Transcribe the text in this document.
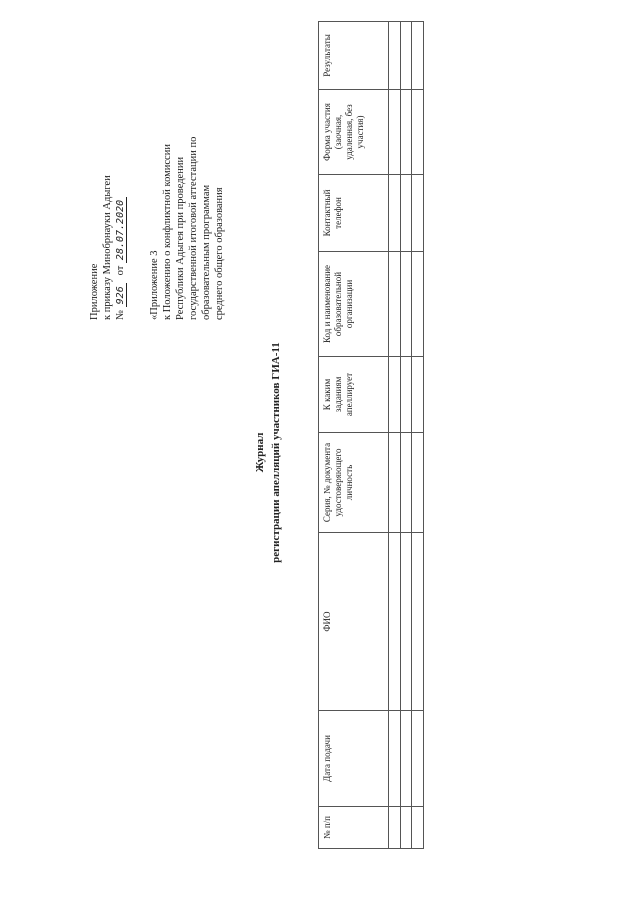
Приложение к приказу Минобрнауки Адыгеи № 926   от 28.07.2020
«Приложение 3 к Положению о конфликтной комиссии Республики Адыгея при проведении государственной итоговой аттестации по образовательным программам среднего общего образования
Журнал регистрации апелляций участников ГИА-11
№ п/п	Дата подачи	ФИО	Серия, № документа удостоверяющего личность	К каким заданиям апеллирует	Код и наименование образовательной организации	Контактный телефон	Форма участия (заочная, удаленная, без участия)	Результаты
